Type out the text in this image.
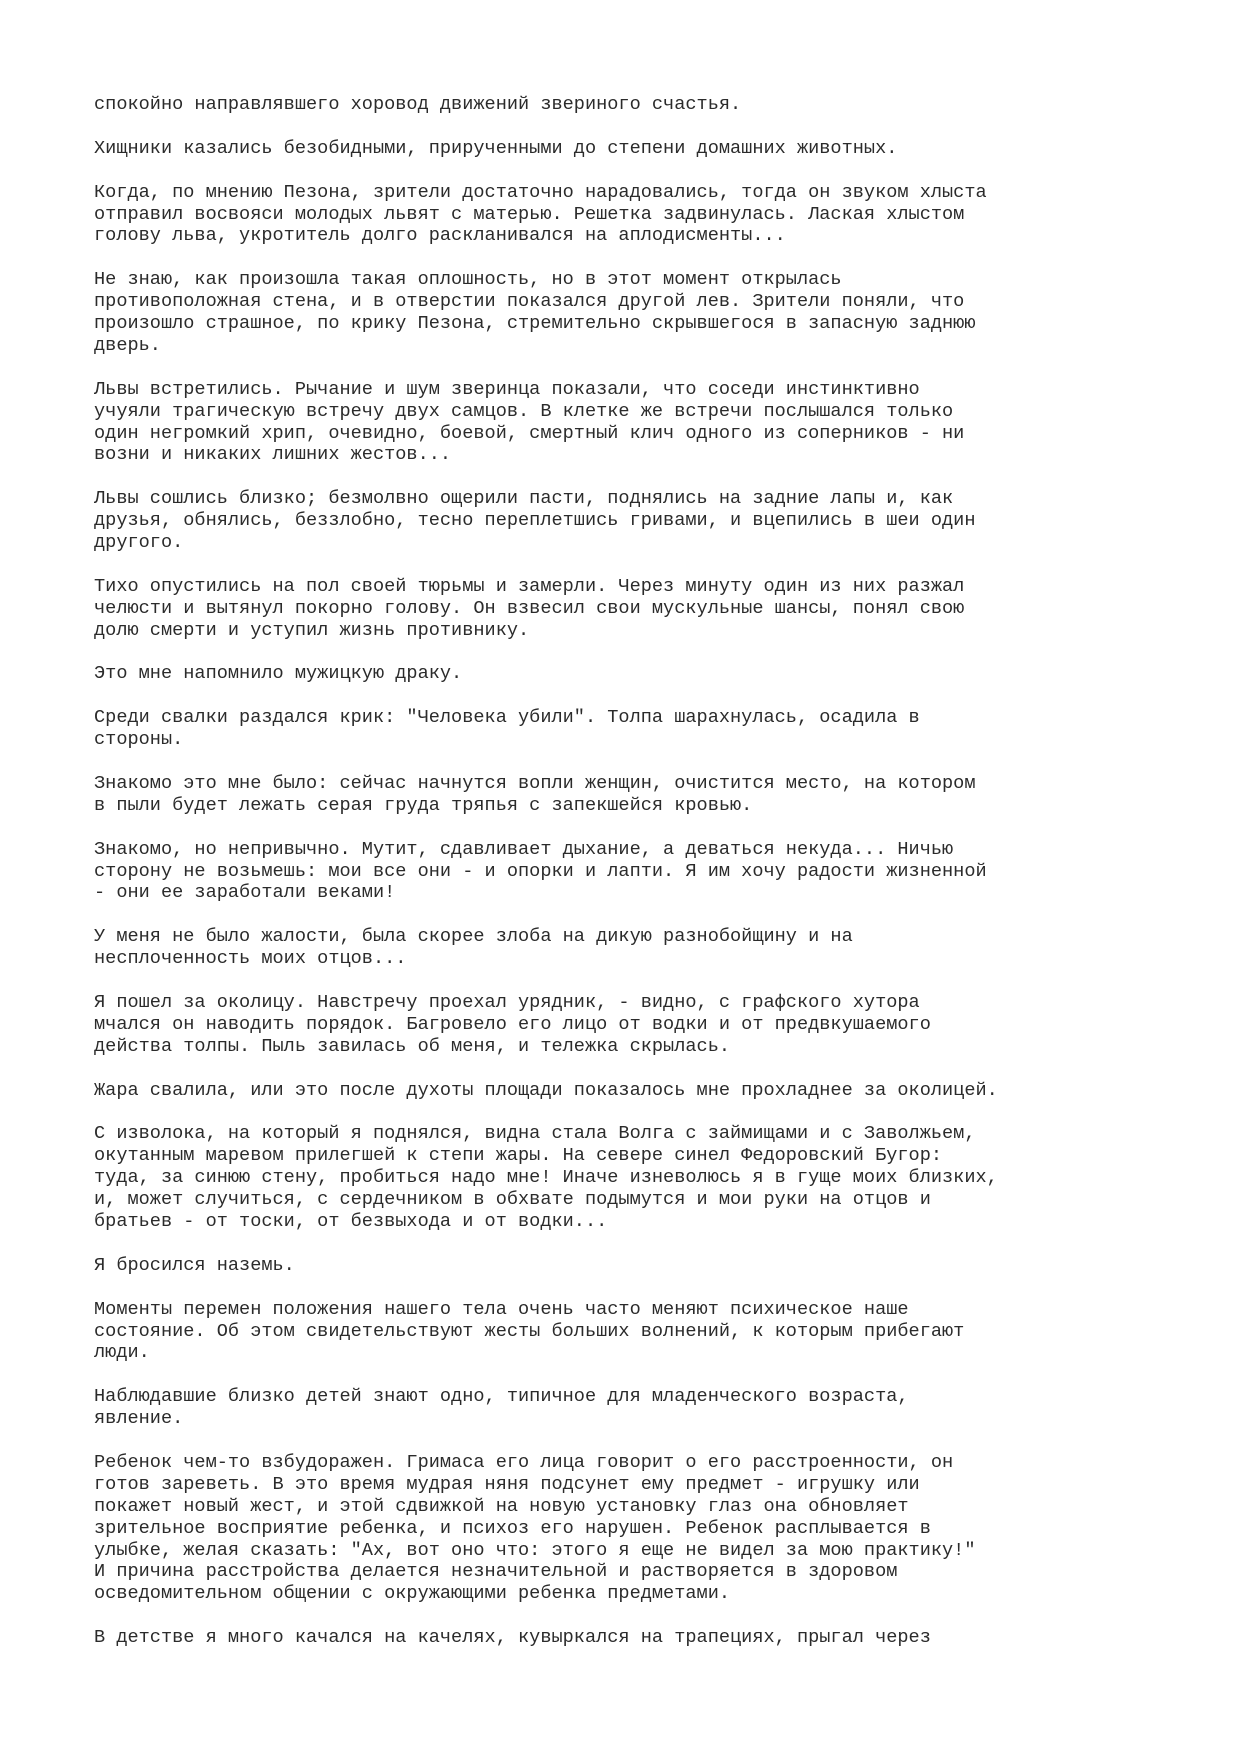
спокойно направлявшего хоровод движений звериного счастья.

Хищники казались безобидными, прирученными до степени домашних животных.

Когда, по мнению Пезона, зрители достаточно нарадовались, тогда он звуком хлыста
отправил восвояси молодых львят с матерью. Решетка задвинулась. Лаская хлыстом
голову льва, укротитель долго раскланивался на аплодисменты...

Не знаю, как произошла такая оплошность, но в этот момент открылась
противоположная стена, и в отверстии показался другой лев. Зрители поняли, что
произошло страшное, по крику Пезона, стремительно скрывшегося в запасную заднюю
дверь.

Львы встретились. Рычание и шум зверинца показали, что соседи инстинктивно
учуяли трагическую встречу двух самцов. В клетке же встречи послышался только
один негромкий хрип, очевидно, боевой, смертный клич одного из соперников - ни
возни и никаких лишних жестов...

Львы сошлись близко; безмолвно ощерили пасти, поднялись на задние лапы и, как
друзья, обнялись, беззлобно, тесно переплетшись гривами, и вцепились в шеи один
другого.

Тихо опустились на пол своей тюрьмы и замерли. Через минуту один из них разжал
челюсти и вытянул покорно голову. Он взвесил свои мускульные шансы, понял свою
долю смерти и уступил жизнь противнику.

Это мне напомнило мужицкую драку.

Среди свалки раздался крик: "Человека убили". Толпа шарахнулась, осадила в
стороны.

Знакомо это мне было: сейчас начнутся вопли женщин, очистится место, на котором
в пыли будет лежать серая груда тряпья с запекшейся кровью.

Знакомо, но непривычно. Мутит, сдавливает дыхание, а деваться некуда... Ничью
сторону не возьмешь: мои все они - и опорки и лапти. Я им хочу радости жизненной
- они ее заработали веками!

У меня не было жалости, была скорее злоба на дикую разнобойщину и на
несплоченность моих отцов...

Я пошел за околицу. Навстречу проехал урядник, - видно, с графского хутора
мчался он наводить порядок. Багровело его лицо от водки и от предвкушаемого
действа толпы. Пыль завилась об меня, и тележка скрылась.

Жара свалила, или это после духоты площади показалось мне прохладнее за околицей.

С изволока, на который я поднялся, видна стала Волга с займищами и с Заволжьем,
окутанным маревом прилегшей к степи жары. На севере синел Федоровский Бугор:
туда, за синюю стену, пробиться надо мне! Иначе изневолюсь я в гуще моих близких,
и, может случиться, с сердечником в обхвате подымутся и мои руки на отцов и
братьев - от тоски, от безвыхода и от водки...

Я бросился наземь.

Моменты перемен положения нашего тела очень часто меняют психическое наше
состояние. Об этом свидетельствуют жесты больших волнений, к которым прибегают
люди.

Наблюдавшие близко детей знают одно, типичное для младенческого возраста,
явление.

Ребенок чем-то взбудоражен. Гримаса его лица говорит о его расстроенности, он
готов зареветь. В это время мудрая няня подсунет ему предмет - игрушку или
покажет новый жест, и этой сдвижкой на новую установку глаз она обновляет
зрительное восприятие ребенка, и психоз его нарушен. Ребенок расплывается в
улыбке, желая сказать: "Ах, вот оно что: этого я еще не видел за мою практику!"
И причина расстройства делается незначительной и растворяется в здоровом
осведомительном общении с окружающими ребенка предметами.

В детстве я много качался на качелях, кувыркался на трапециях, прыгал через
